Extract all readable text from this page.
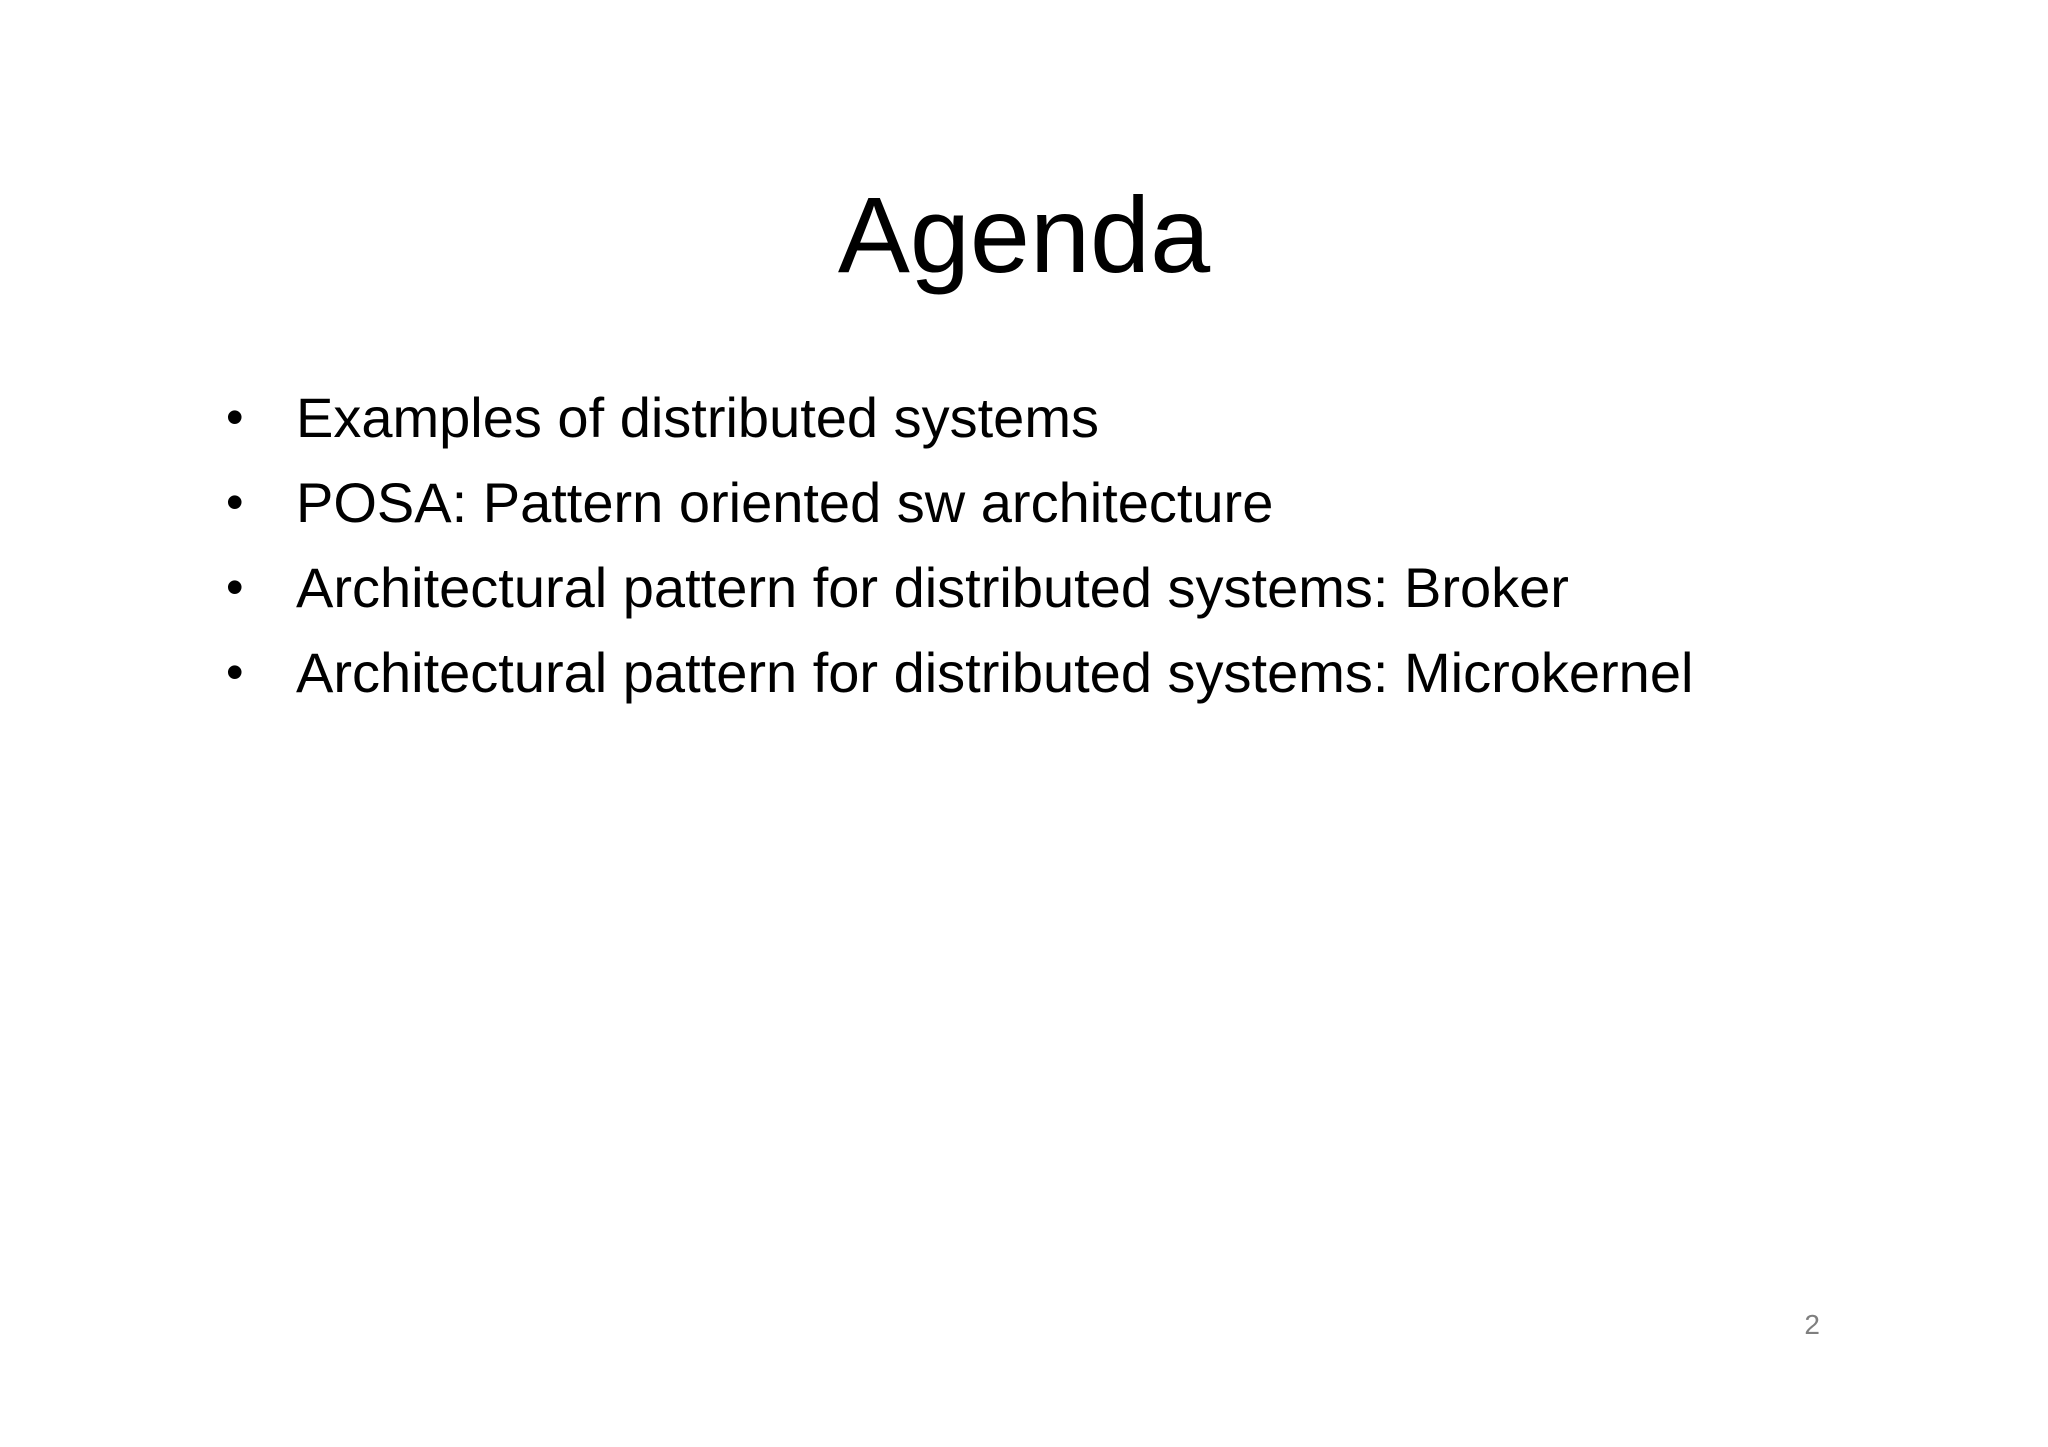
Agenda
• Examples of distributed systems
• POSA: Pattern oriented sw architecture
• Architectural pattern for distributed systems: Broker
• Architectural pattern for distributed systems: Microkernel
2
